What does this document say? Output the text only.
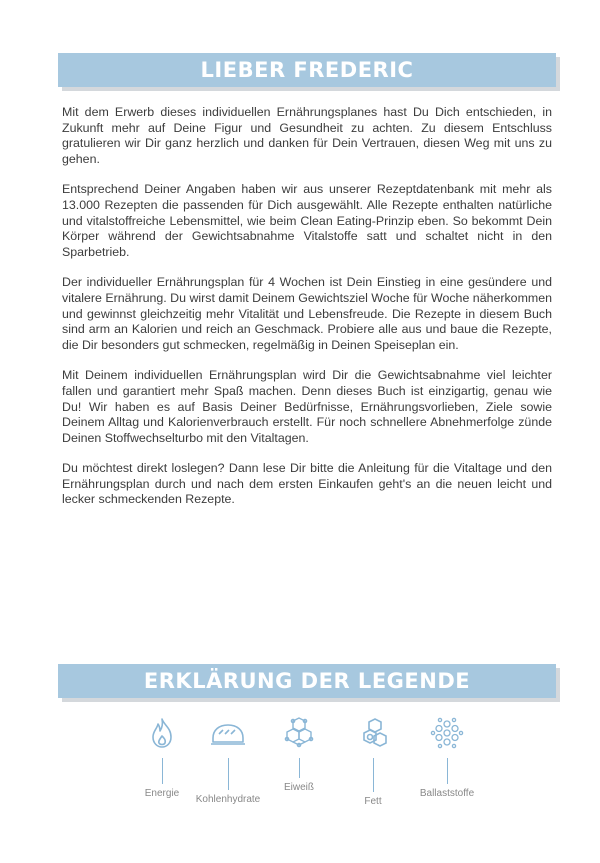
LIEBER FREDERIC

Mit dem Erwerb dieses individuellen Ernährungsplanes hast Du Dich entschieden, in Zukunft mehr auf Deine Figur und Gesundheit zu achten. Zu diesem Entschluss gratulieren wir Dir ganz herzlich und danken für Dein Vertrauen, diesen Weg mit uns zu gehen.

Entsprechend Deiner Angaben haben wir aus unserer Rezeptdatenbank mit mehr als 13.000 Rezepten die passenden für Dich ausgewählt. Alle Rezepte enthalten natürliche und vitalstoffreiche Lebensmittel, wie beim Clean Eating-Prinzip eben. So bekommt Dein Körper während der Gewichtsabnahme Vitalstoffe satt und schaltet nicht in den Sparbetrieb.

Der individueller Ernährungsplan für 4 Wochen ist Dein Einstieg in eine gesündere und vitalere Ernährung. Du wirst damit Deinem Gewichtsziel Woche für Woche näherkommen und gewinnst gleichzeitig mehr Vitalität und Lebensfreude. Die Rezepte in diesem Buch sind arm an Kalorien und reich an Geschmack. Probiere alle aus und baue die Rezepte, die Dir besonders gut schmecken, regelmäßig in Deinen Speiseplan ein.

Mit Deinem individuellen Ernährungsplan wird Dir die Gewichtsabnahme viel leichter fallen und garantiert mehr Spaß machen. Denn dieses Buch ist einzigartig, genau wie Du! Wir haben es auf Basis Deiner Bedürfnisse, Ernährungsvorlieben, Ziele sowie Deinem Alltag und Kalorienverbrauch erstellt. Für noch schnellere Abnehmerfolge zünde Deinen Stoffwechselturbo mit den Vitaltagen.

Du möchtest direkt loslegen? Dann lese Dir bitte die Anleitung für die Vitaltage und den Ernährungsplan durch und nach dem ersten Einkaufen geht's an die neuen leicht und lecker schmeckenden Rezepte.

ERKLÄRUNG DER LEGENDE
Energie
Kohlenhydrate
Eiweiß
Fett
Ballaststoffe
